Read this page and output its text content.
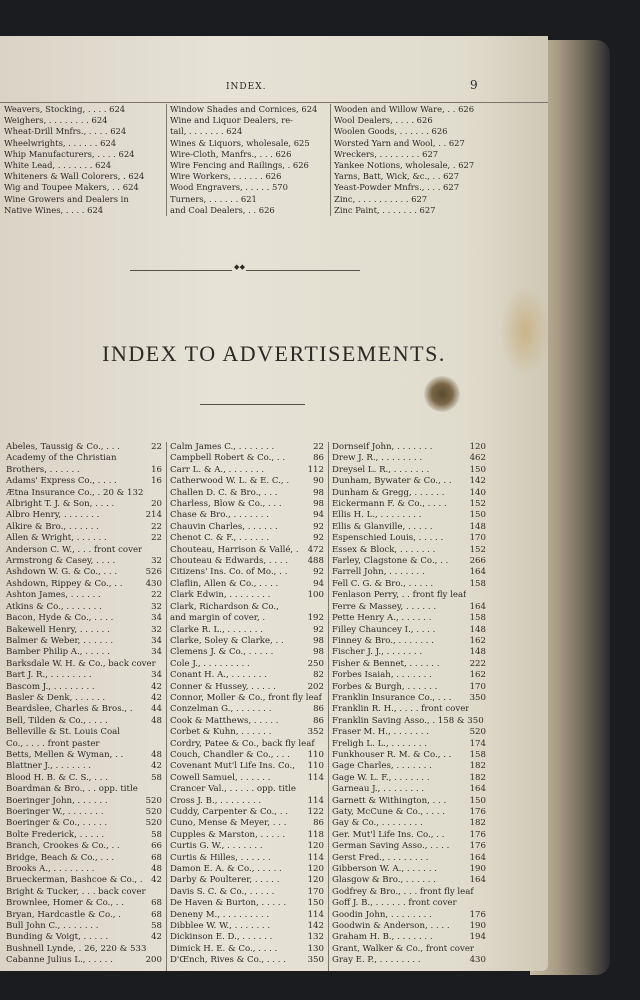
INDEX.	9
Weavers, Stocking, . . . . 624
Weighers, . . . . . . . . 624
Wheat-Drill Mnfrs., . . . . 624
Wheelwrights, . . . . . . 624
Whip Manufacturers, . . . . 624
White Lead, . . . . . . . 624
Whiteners & Wall Colorers, . 624
Wig and Toupee Makers, . . 624
Wine Growers and Dealers in
Native Wines, . . . . 624
Window Shades and Cornices, 624
Wine and Liquor Dealers, re-
tail, . . . . . . . 624
Wines & Liquors, wholesale, 625
Wire-Cloth, Manfrs., . . . 626
Wire Fencing and Railings, . 626
Wire Workers, . . . . . . 626
Wood Engravers, . . . . . 570
Turners, . . . . . . 621
and Coal Dealers, . . 626
Wooden and Willow Ware, . . 626
Wool Dealers, . . . . 626
Woolen Goods, . . . . . . 626
Worsted Yarn and Wool, . . 627
Wreckers, . . . . . . . . 627
Yankee Notions, wholesale, . 627
Yarns, Batt, Wick, &c., . . 627
Yeast-Powder Mnfrs., . . . 627
Zinc, . . . . . . . . . . 627
Zinc Paint, . . . . . . . 627
◆ ◆
INDEX TO ADVERTISEMENTS.
Abeles, Taussig & Co., . . .	22
Academy of the Christian
Brothers, . . . . . .	16
Adams' Express Co., . . . .	16
Ætna Insurance Co., . 20 & 132
Albright T. J. & Son, . . . .	20
Albro Henry, . . . . . . .	214
Alkire & Bro., . . . . . .	22
Allen & Wright, . . . . . .	22
Anderson C. W., . . . front cover
Armstrong & Casey, . . . .	32
Ashdown W. G. & Co., . . .	526
Ashdown, Rippey & Co., . .	430
Ashton James, . . . . . .	22
Atkins & Co., . . . . . . .	32
Bacon, Hyde & Co., . . . .	34
Bakewell Henry, . . . . . .	32
Balmer & Weber, . . . . . .	34
Bamber Philip A., . . . . .	34
Barksdale W. H. & Co., back cover
Bart J. R., . . . . . . . .	34
Bascom J., . . . . . . . .	42
Basler & Denk, . . . . . .	42
Beardslee, Charles & Bros., . 44
Bell, Tilden & Co., . . . .	48
Belleville & St. Louis Coal
Co., . . . . front paster
Betts, Mellen & Wyman, . .	48
Blattner J., . . . . . . .	42
Blood H. B. & C. S., . . .	58
Boardman & Bro., . . opp. title
Boeringer John, . . . . . .	520
Boeringer W., . . . . . . .	520
Boeringer & Co., . . . . .	520
Bolte Frederick, . . . . .	58
Branch, Crookes & Co., . .	66
Bridge, Beach & Co., . . .	68
Brooks A., . . . . . . . .	48
Brueckerman, Bashcoe & Co., . 42
Bright & Tucker, . . . back cover
Brownlee, Homer & Co., . .	68
Bryan, Hardcastle & Co., .	68
Bull John C., . . . . . . .	58
Bunding & Voigt, . . . . .	42
Bushnell Lynde, . 26, 220 & 533
Cabanne Julius L., . . . . .	200
Calm James C., . . . . . . .	22
Campbell Robert & Co., . .	86
Carr L. & A., . . . . . . .	112
Catherwood W. L. & E. C., .	90
Challen D. C. & Bro., . . .	98
Charless, Blow & Co., . . .	98
Chase & Bro., . . . . . . .	94
Chauvin Charles, . . . . . .	92
Chenot C. & F., . . . . . .	92
Chouteau, Harrison & Vallé, . 472
Chouteau & Edwards, . . . . 488
Citizens' Ins. Co. of Mo., . .	92
Claflin, Allen & Co., . . . .	94
Clark Edwin, . . . . . . . .	100
Clark, Richardson & Co.,
and margin of cover, .	192
Clarke R. L., . . . . . . .	92
Clarke, Soley & Clarke, . .	98
Clemens J. & Co., . . . . .	98
Cole J., . . . . . . . . .	250
Conant H. A., . . . . . . .	82
Conner & Hussey, . . . . .	202
Connor, Moller & Co., front fly leaf
Conzelman G., . . . . . . .	86
Cook & Matthews, . . . . .	86
Corbet & Kuhn, . . . . . .	352
Cordry, Patee & Co., back fly leaf
Couch, Chandler & Co., . . . 110
Covenant Mut'l Life Ins. Co., 110
Cowell Samuel, . . . . . .	114
Crancer Val., . . . . . opp. title
Cross J. B., . . . . . . . .	114
Cuddy, Carpenter & Co., . . 122
Cuno, Mense & Meyer, . . .	86
Cupples & Marston, . . . . .	118
Curtis G. W., . . . . . . .	120
Curtis & Hilles, . . . . . .	114
Damon E. A. & Co., . . . . .	120
Darby & Poulterer, . . . . .	120
Davis S. C. & Co., . . . . .	170
De Haven & Burton, . . . . .	150
Deneny M., . . . . . . . . .	114
Dibblee W. W., . . . . . . .	142
Dickinson E. D., . . . . . .	132
Dimick H. E. & Co., . . . .	130
D'Œnch, Rives & Co., . . . .	350
Dornseif John, . . . . . . .	120
Drew J. R., . . . . . . . .	462
Dreysel L. R., . . . . . . .	150
Dunham, Bywater & Co., . . 142
Dunham & Gregg, . . . . . .	140
Eickermann F. & Co., . . . .	152
Ellis H. L., . . . . . . . .	150
Ellis & Glanville, . . . . .	148
Espenschied Louis, . . . . .	170
Essex & Block, . . . . . . .	152
Farley, Clagstone & Co., . . 266
Farrell John, . . . . . . .	164
Fell C. G. & Bro., . . . . .	158
Fenlason Perry, . . front fly leaf
Ferre & Massey, . . . . . .	164
Pette Henry A., . . . . . .	158
Filley Chauncey I., . . . .	148
Finney & Bro., . . . . . . .	162
Fischer J. J., . . . . . . .	148
Fisher & Bennet, . . . . . .	222
Forbes Isaiah, . . . . . . .	162
Forbes & Burgh, . . . . . .	170
Franklin Insurance Co., . . . 350
Franklin R. H., . . . . front cover
Franklin Saving Asso., . 158 & 350
Fraser M. H., . . . . . . .	520
Freligh L. L., . . . . . . .	174
Funkhouser R. M. & Co., . . 158
Gage Charles, . . . . . . .	182
Gage W. L. F., . . . . . . .	182
Garneau J., . . . . . . . .	164
Garnett & Withington, . . .	150
Gaty, McCune & Co., . . . .	176
Gay & Co., . . . . . . . .	182
Ger. Mut'l Life Ins. Co., . .	176
German Saving Asso., . . . . 176
Gerst Fred., . . . . . . . .	164
Gibberson W. A., . . . . . .	190
Glasgow & Bro., . . . . . .	164
Godfrey & Bro., . . . front fly leaf
Goff J. B., . . . . . . front cover
Goodin John, . . . . . . . .	176
Goodwin & Anderson, . . . . 190
Graham H. B., . . . . . . .	194
Grant, Walker & Co., front cover
Gray E. P., . . . . . . . .	430
